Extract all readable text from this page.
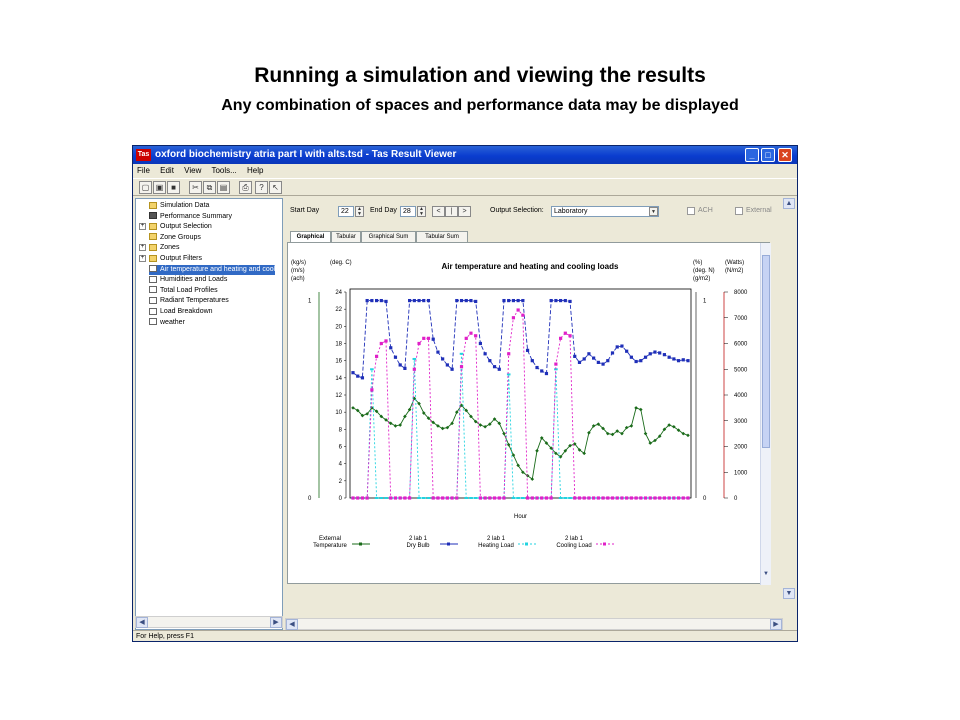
Running a simulation and viewing the results
Any combination of spaces and performance data may be displayed
Tas oxford biochemistry atria part I with alts.tsd - Tas Result Viewer	_	□	✕
File Edit View Tools... Help
▢ ▣ ■	✂ ⧉ ▤	⎙	?	↖
Simulation Data
Performance Summary
+	Output Selection
Zone Groups
+	Zones
+	Output Filters
Air temperature and heating and cool
Humidities and Loads
Total Load Profiles
Radiant Temperatures
Load Breakdown
weather
◀	▶
Start Day	22	▲
▼ End Day 28	▲
▼	<	|	>	Output Selection:	Laboratory	▼	ACH	External
▲
▼
Graphical	Tabular	Graphical Sum	Tabular Sum
◀	▶
For Help, press F1
Air temperature and heating and cooling loads
(kg/s)
(m/s)
(ach)
(deg. C)	(%)
(deg. N)
(g/m2)
(Watts)
(N/m2)
1
0
1
0
0
2
4
6
8
10
12
14
16
18
20
22
24
0
1000
2000
3000
4000
5000
6000
7000
8000
Hour
External
Temperature
2 lab 1
Dry Bulb
2 lab 1
Heating Load
2 lab 1
Cooling Load
▼
